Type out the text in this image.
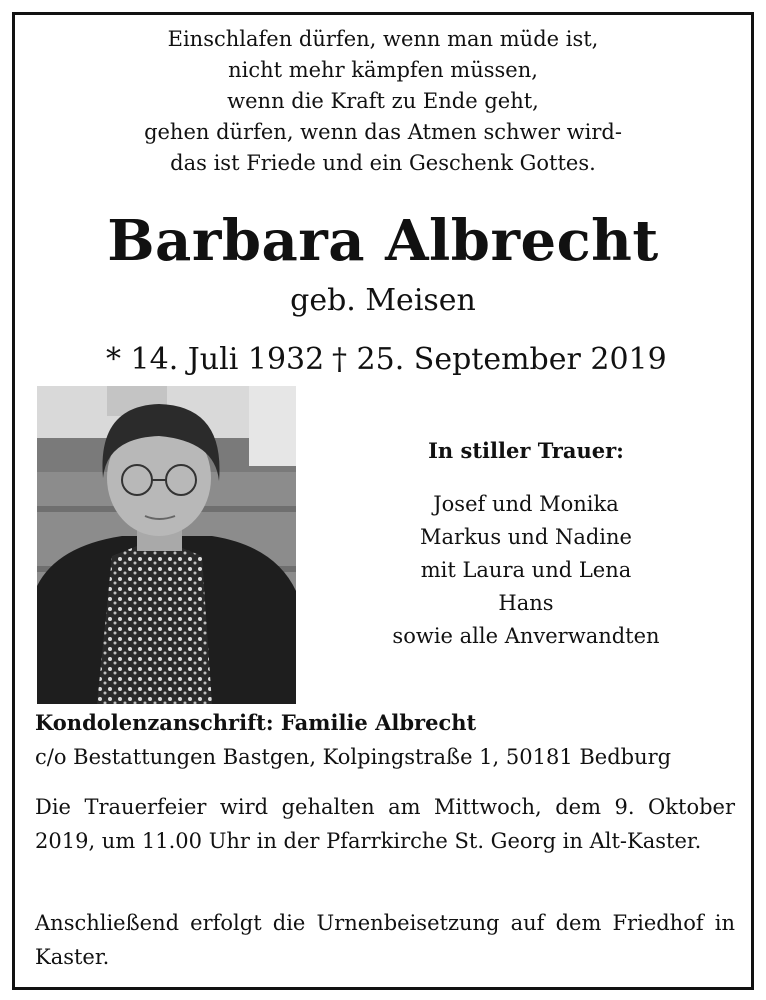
Einschlafen dürfen, wenn man müde ist,
nicht mehr kämpfen müssen,
wenn die Kraft zu Ende geht,
gehen dürfen, wenn das Atmen schwer wird-
das ist Friede und ein Geschenk Gottes.
Barbara Albrecht
geb. Meisen
* 14. Juli 1932 † 25. September 2019
In stiller Trauer:
Josef und Monika
Markus und Nadine
mit Laura und Lena
Hans
sowie alle Anverwandten
Kondolenzanschrift: Familie Albrecht
c/o Bestattungen Bastgen, Kolpingstraße 1, 50181 Bedburg
Die Trauerfeier wird gehalten am Mittwoch, dem 9. Oktober 2019, um 11.00 Uhr in der Pfarrkirche St. Georg in Alt-Kaster.
Anschließend erfolgt die Urnenbeisetzung auf dem Friedhof in Kaster.
